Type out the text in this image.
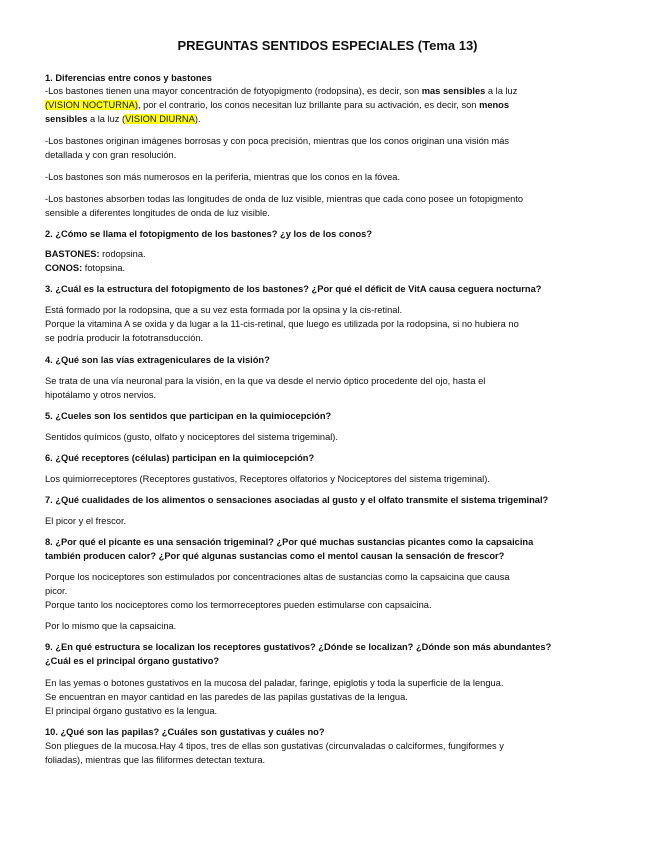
PREGUNTAS SENTIDOS ESPECIALES (Tema 13)
1. Diferencias entre conos y bastones
-Los bastones tienen una mayor concentración de fotyopigmento (rodopsina), es decir, son mas sensibles a la luz
(VISION NOCTURNA), por el contrario, los conos necesitan luz brillante para su activación, es decir, son menos
sensibles a la luz (VISION DIURNA).
-Los bastones originan imágenes borrosas y con poca precisión, mientras que los conos originan una visión más
detallada y con gran resolución.
-Los bastones son más numerosos en la periferia, mientras que los conos en la fóvea.
-Los bastones absorben todas las longitudes de onda de luz visible, mientras que cada cono posee un fotopigmento
sensible a diferentes longitudes de onda de luz visible.
2. ¿Cómo se llama el fotopigmento de los bastones? ¿y los de los conos?
BASTONES: rodopsina.
CONOS: fotopsina.
3. ¿Cuál es la estructura del fotopigmento de los bastones? ¿Por qué el déficit de VitA causa ceguera nocturna?
Está formado por la rodopsina, que a su vez esta formada por la opsina y la cis-retinal.
Porque la vitamina A se oxida y da lugar a la 11-cis-retinal, que luego es utilizada por la rodopsina, si no hubiera no
se podría producir la fototransducción.
4. ¿Qué son las vías extrageniculares de la visión?
Se trata de una vía neuronal para la visión, en la que va desde el nervio óptico procedente del ojo, hasta el
hipotálamo y otros nervios.
5. ¿Cueles son los sentidos que participan en la quimiocepción?
Sentidos químicos (gusto, olfato y nociceptores del sistema trigeminal).
6. ¿Qué receptores (células) participan en la quimiocepción?
Los quimiorreceptores (Receptores gustativos, Receptores olfatorios y Nociceptores del sistema trigeminal).
7. ¿Qué cualidades de los alimentos o sensaciones asociadas al gusto y el olfato transmite el sistema trigeminal?
El picor y el frescor.
8. ¿Por qué el picante es una sensación trigeminal? ¿Por qué muchas sustancias picantes como la capsaicina
también producen calor? ¿Por qué algunas sustancias como el mentol causan la sensación de frescor?
Porque los nociceptores son estimulados por concentraciones altas de sustancias como la capsaicina que causa
picor.
Porque tanto los nociceptores como los termorreceptores pueden estimularse con capsaicina.
Por lo mismo que la capsaicina.
9. ¿En qué estructura se localizan los receptores gustativos? ¿Dónde se localizan? ¿Dónde son más abundantes?
¿Cuál es el principal órgano gustativo?
En las yemas o botones gustativos en la mucosa del paladar, faringe, epiglotis y toda la superficie de la lengua.
Se encuentran en mayor cantidad en las paredes de las papilas gustativas de la lengua.
El principal órgano gustativo es la lengua.
10. ¿Qué son las papilas? ¿Cuáles son gustativas y cuáles no?
Son pliegues de la mucosa.Hay 4 tipos, tres de ellas son gustativas (circunvaladas o calciformes, fungiformes y
foliadas), mientras que las filiformes detectan textura.
